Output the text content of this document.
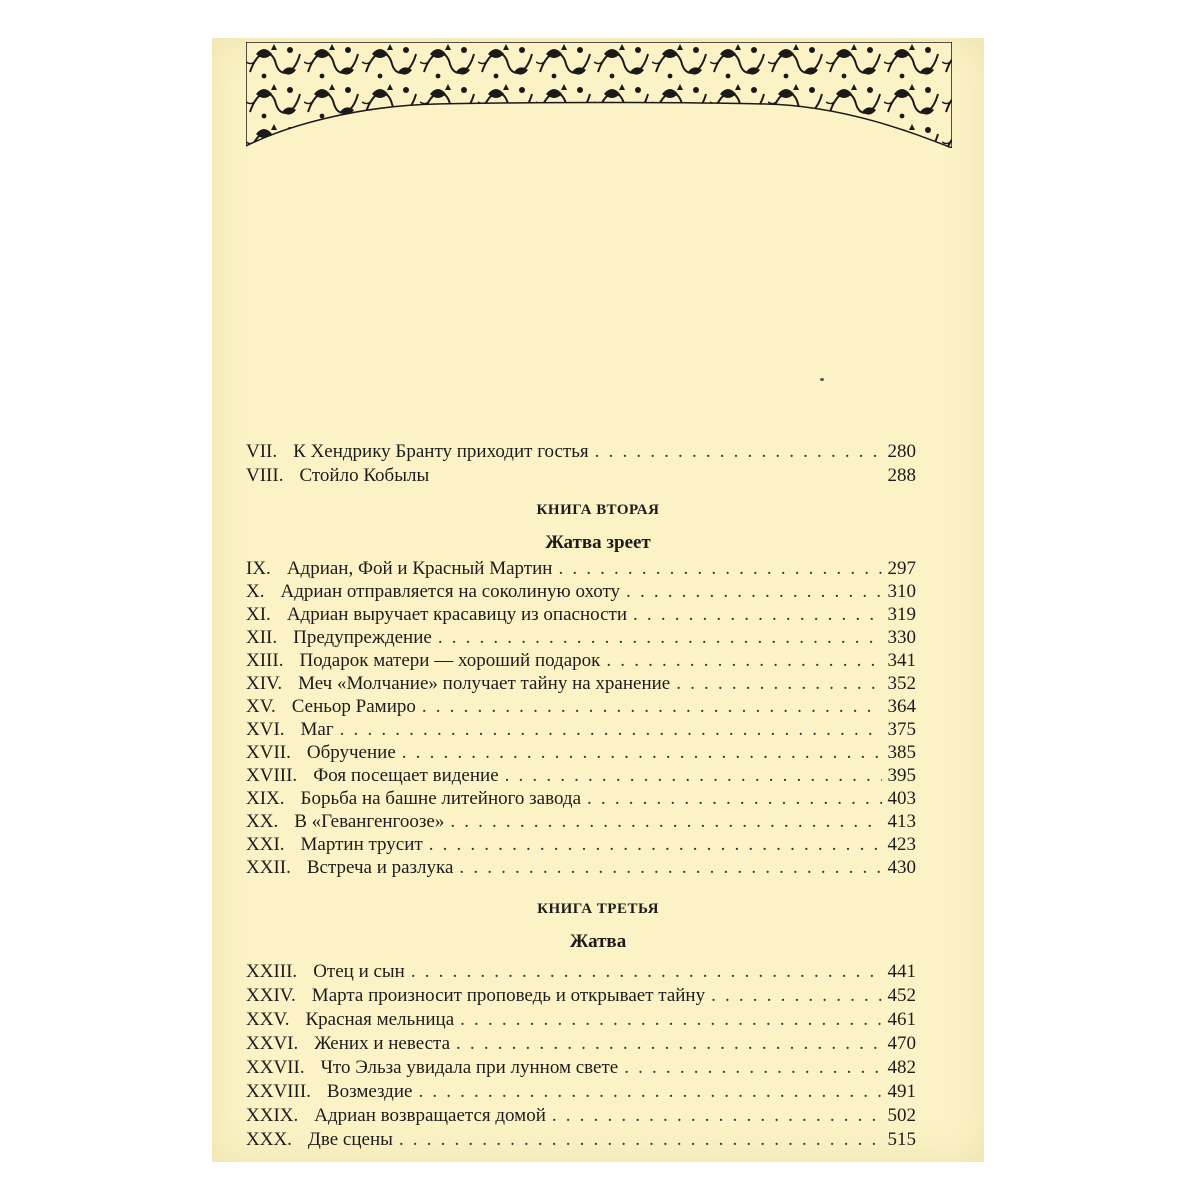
VII. К Хендрику Бранту приходит гостья . . .	280
VIII. Стойло Кобылы	288
КНИГА ВТОРАЯ
Жатва зреет
IX. Адриан, Фой и Красный Мартин . . .	297
X. Адриан отправляется на соколиную охоту . . .	310
XI. Адриан выручает красавицу из опасности . . .	319
XII. Предупреждение . . .	330
XIII. Подарок матери — хороший подарок . . .	341
XIV. Меч «Молчание» получает тайну на хранение . . .	352
XV. Сеньор Рамиро . . .	364
XVI. Маг . . .	375
XVII. Обручение . . .	385
XVIII. Фоя посещает видение . . .	395
XIX. Борьба на башне литейного завода . . .	403
XX. В «Гевангенгоозе» . . .	413
XXI. Мартин трусит . . .	423
XXII. Встреча и разлука . . .	430
КНИГА ТРЕТЬЯ
Жатва
XXIII. Отец и сын . . .	441
XXIV. Марта произносит проповедь и открывает тайну . . .	452
XXV. Красная мельница . . .	461
XXVI. Жених и невеста . . .	470
XXVII. Что Эльза увидала при лунном свете . . .	482
XXVIII. Возмездие . . .	491
XXIX. Адриан возвращается домой . . .	502
XXX. Две сцены . . .	515
